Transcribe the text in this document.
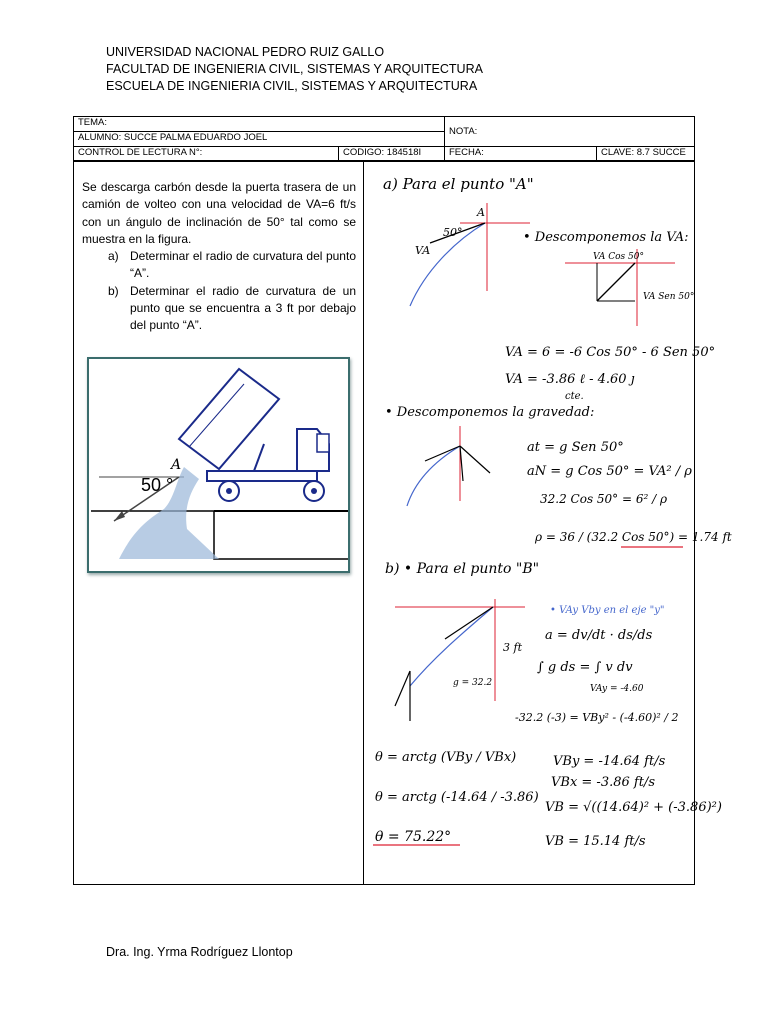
UNIVERSIDAD NACIONAL PEDRO RUIZ GALLO
FACULTAD DE INGENIERIA CIVIL, SISTEMAS Y ARQUITECTURA
ESCUELA DE INGENIERIA CIVIL, SISTEMAS Y ARQUITECTURA
TEMA:		NOTA:	
ALUMNO: SUCCE PALMA EDUARDO JOEL			
CONTROL DE LECTURA N°:	CODIGO: 184518I	FECHA:	CLAVE: 8.7 SUCCE

Se descarga carbón desde la puerta trasera de un camión de volteo con una velocidad de VA=6 ft/s con un ángulo de inclinación de 50° tal como se muestra en la figura.

a) Determinar el radio de curvatura del punto “A”.
b) Determinar el radio de curvatura de un punto que se encuentra a 3 ft por debajo del punto “A”.
50 °
A
a) Para el punto "A"
50°
VA
A
• Descomponemos la VA:
VA Cos 50°
VA Sen 50°
VA = 6 = -6 Cos 50° - 6 Sen 50°
VA = -3.86 ℓ - 4.60 ȷ
cte.
• Descomponemos la gravedad:
at = g Sen 50°
aN = g Cos 50° = VA² / ρ
32.2 Cos 50° = 6² / ρ
ρ = 36 / (32.2 Cos 50°) = 1.74 ft
b) • Para el punto "B"
3 ft
g = 32.2
• VAy Vby en el eje "y"
a = dv/dt · ds/ds
∫ g ds = ∫ v dv
VAy = -4.60
-32.2 (-3) = VBy² - (-4.60)² / 2
VBy = -14.64 ft/s
VBx = -3.86 ft/s
VB = √((14.64)² + (-3.86)²)
VB = 15.14 ft/s
θ = arctg (VBy / VBx)
θ = arctg (-14.64 / -3.86)
θ = 75.22°
Dra. Ing. Yrma Rodríguez Llontop
